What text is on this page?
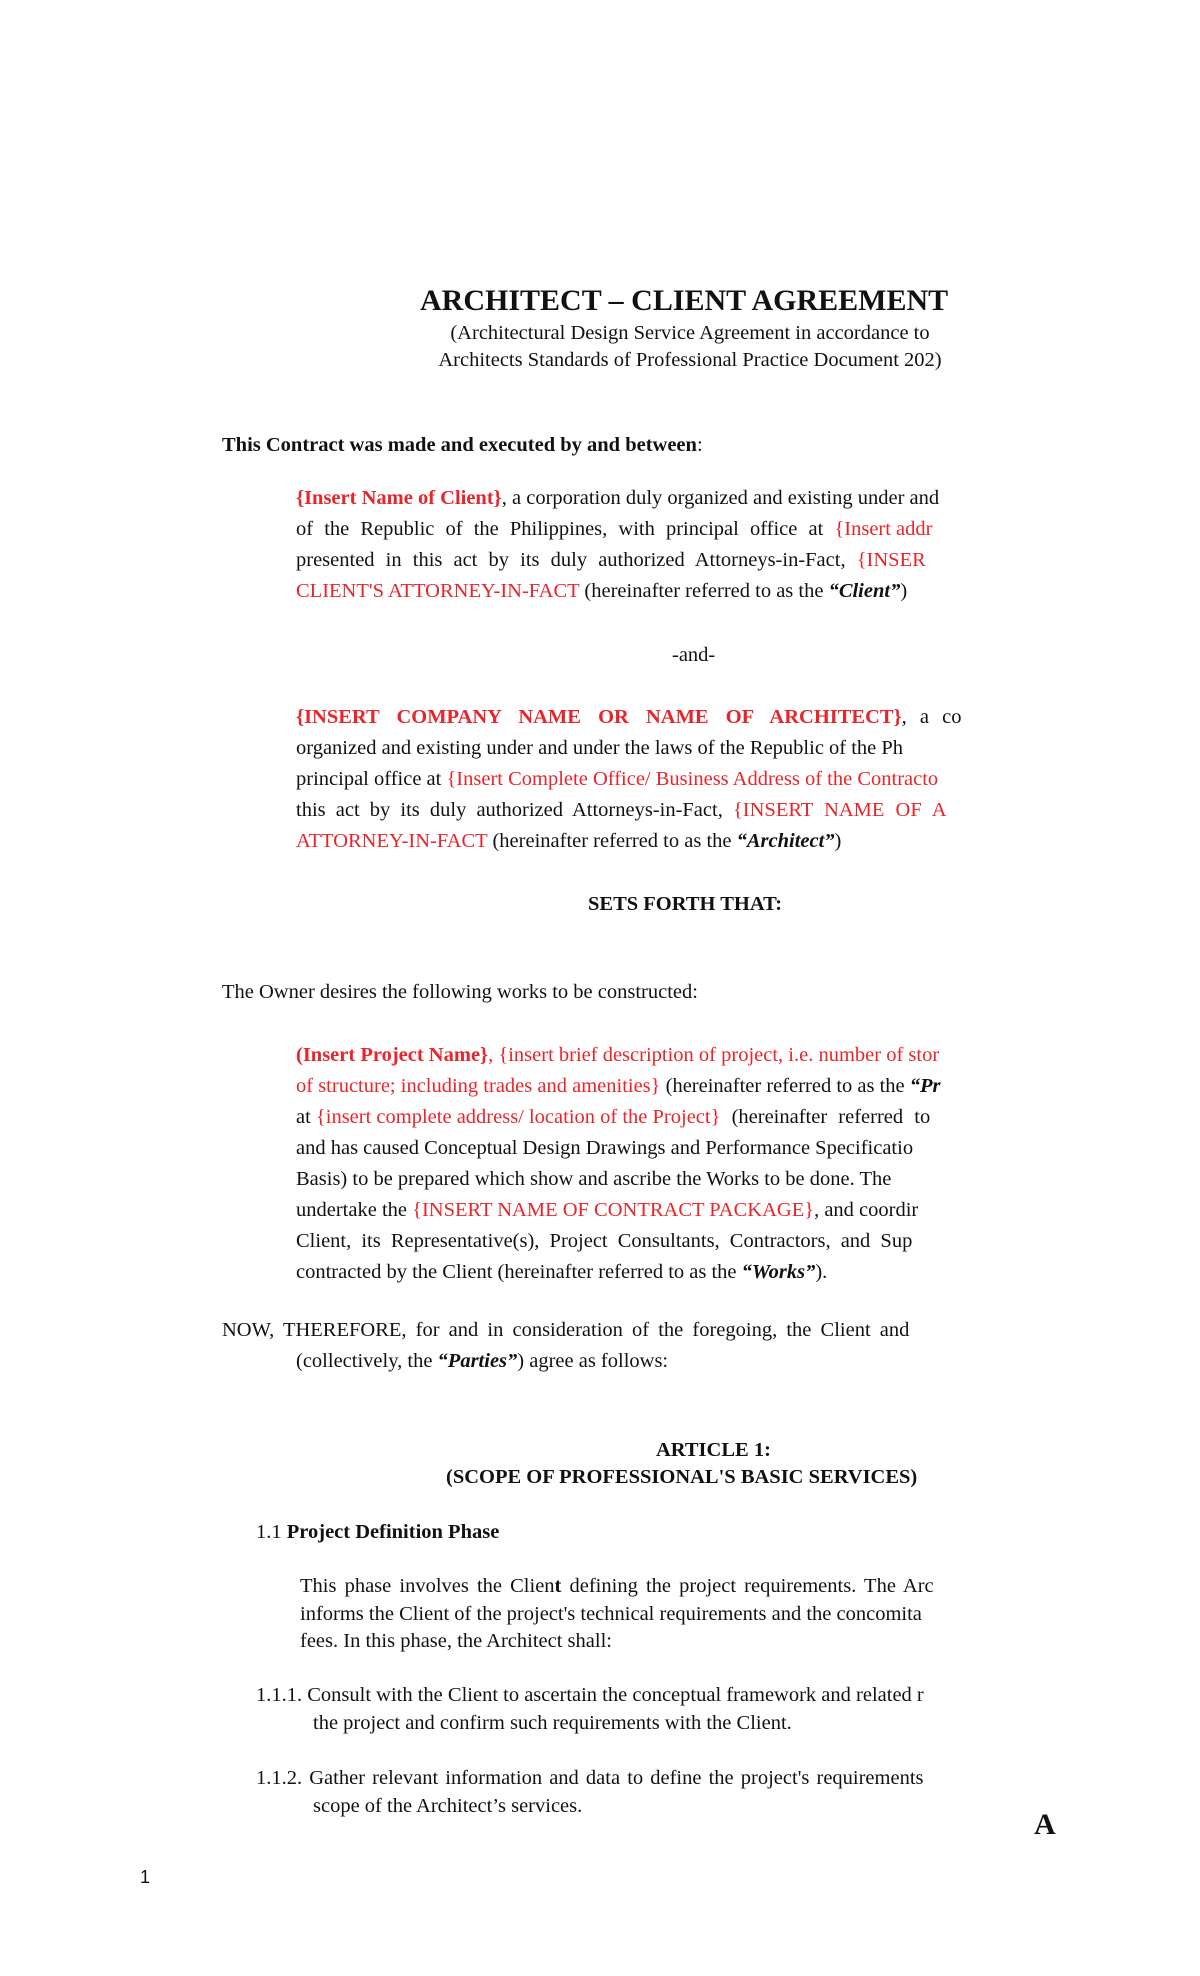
ARCHITECT – CLIENT AGREEMENT
(Architectural Design Service Agreement in accordance to
Architects Standards of Professional Practice Document 202)
This Contract was made and executed by and between:
{Insert Name of Client}, a corporation duly organized and existing under and
of the Republic of the Philippines, with principal office at {Insert addr
presented in this act by its duly authorized Attorneys-in-Fact, {INSER
CLIENT'S ATTORNEY-IN-FACT (hereinafter referred to as the “Client”)
-and-
{INSERT COMPANY NAME OR NAME OF ARCHITECT}, a co
organized and existing under and under the laws of the Republic of the Ph
principal office at {Insert Complete Office/ Business Address of the Contracto
this act by its duly authorized Attorneys-in-Fact, {INSERT NAME OF A
ATTORNEY-IN-FACT (hereinafter referred to as the “Architect”)
SETS FORTH THAT:
The Owner desires the following works to be constructed:
(Insert Project Name}, {insert brief description of project, i.e. number of stor
of structure; including trades and amenities} (hereinafter referred to as the “Pr
at {insert complete address/ location of the Project} (hereinafter referred to
and has caused Conceptual Design Drawings and Performance Specificatio
Basis) to be prepared which show and ascribe the Works to be done. The
undertake the {INSERT NAME OF CONTRACT PACKAGE}, and coordir
Client, its Representative(s), Project Consultants, Contractors, and Sup
contracted by the Client (hereinafter referred to as the “Works”).
NOW, THEREFORE, for and in consideration of the foregoing, the Client and
(collectively, the “Parties”) agree as follows:
ARTICLE 1:
(SCOPE OF PROFESSIONAL'S BASIC SERVICES)
1.1 Project Definition Phase
This phase involves the Client defining the project requirements. The Arc
informs the Client of the project's technical requirements and the concomita
fees. In this phase, the Architect shall:
1.1.1. Consult with the Client to ascertain the conceptual framework and related r
the project and confirm such requirements with the Client.
1.1.2. Gather relevant information and data to define the project's requirements
scope of the Architect’s services.
A
1
